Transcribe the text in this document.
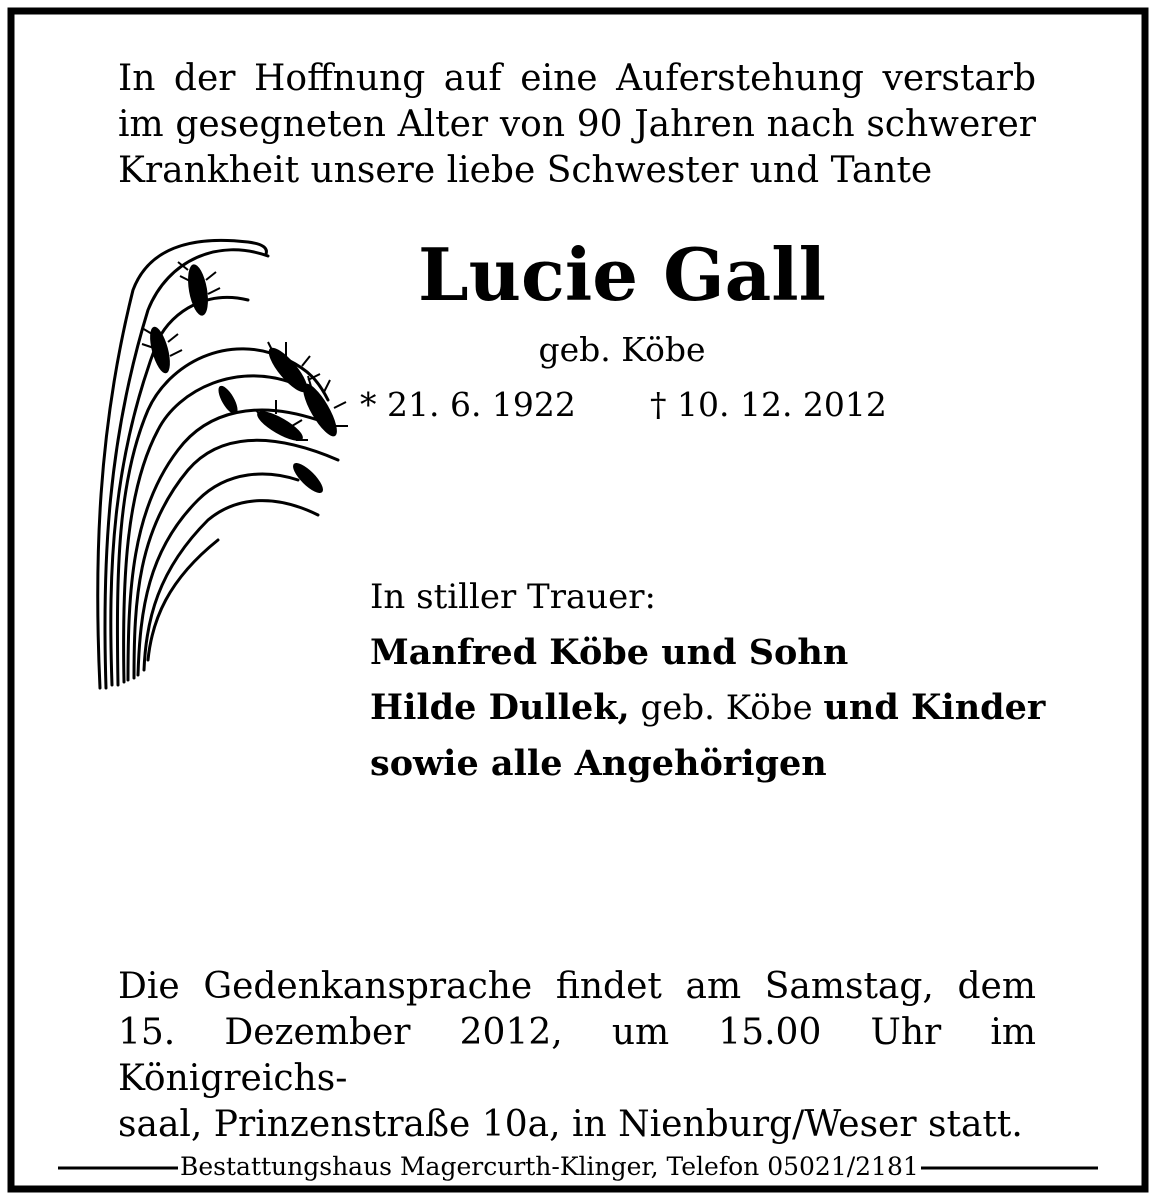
In der Hoffnung auf eine Auferstehung verstarb
im gesegneten Alter von 90 Jahren nach schwerer
Krankheit unsere liebe Schwester und Tante
Lucie Gall
geb. Köbe
* 21. 6. 1922 † 10. 12. 2012
In stiller Trauer:
Manfred Köbe und Sohn
Hilde Dullek, geb. Köbe und Kinder
sowie alle Angehörigen
Die Gedenkansprache findet am Samstag, dem
15. Dezember 2012, um 15.00 Uhr im Königreichs-
saal, Prinzenstraße 10a, in Nienburg/Weser statt.
Bestattungshaus Magercurth-Klinger, Telefon 05021/2181
